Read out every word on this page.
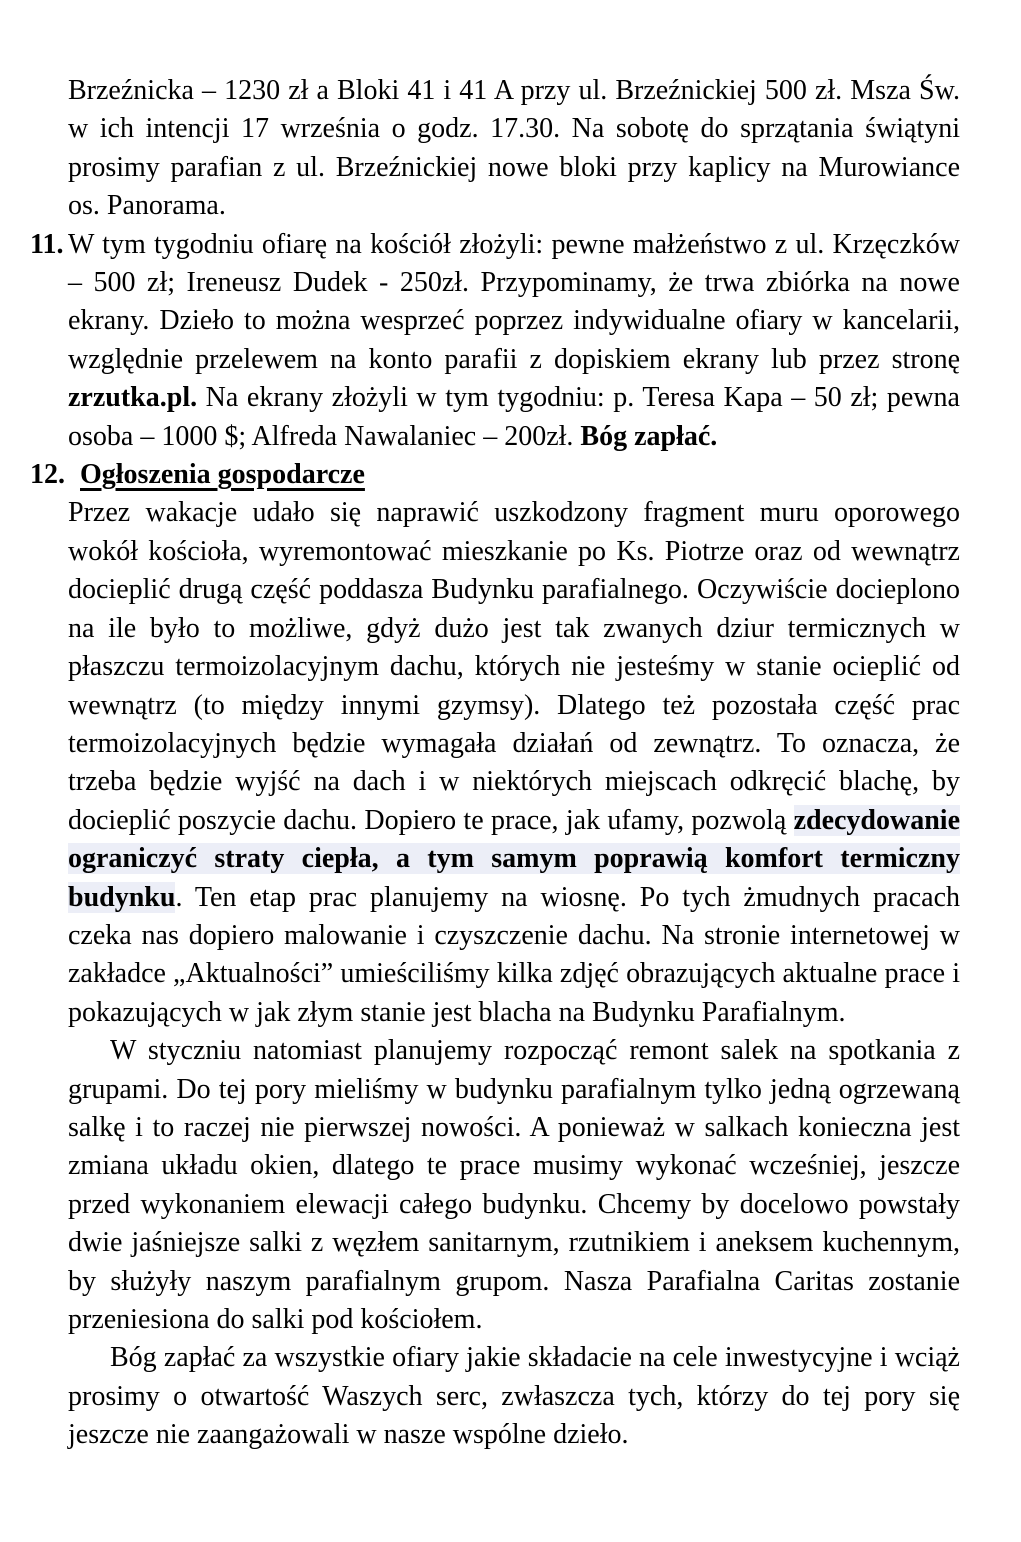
Brzeźnicka – 1230 zł a Bloki 41 i 41 A przy ul. Brzeźnickiej 500 zł. Msza Św. w ich intencji 17 września o godz. 17.30. Na sobotę do sprzątania świątyni prosimy parafian z ul. Brzeźnickiej nowe bloki przy kaplicy na Murowiance os. Panorama.
11. W tym tygodniu ofiarę na kościół złożyli: pewne małżeństwo z ul. Krzęczków – 500 zł; Ireneusz Dudek - 250zł. Przypominamy, że trwa zbiórka na nowe ekrany. Dzieło to można wesprzeć poprzez indywidualne ofiary w kancelarii, względnie przelewem na konto parafii z dopiskiem ekrany lub przez stronę zrzutka.pl. Na ekrany złożyli w tym tygodniu: p. Teresa Kapa – 50 zł; pewna osoba – 1000 $; Alfreda Nawalaniec – 200zł. Bóg zapłać.
12. Ogłoszenia gospodarcze
Przez wakacje udało się naprawić uszkodzony fragment muru oporowego wokół kościoła, wyremontować mieszkanie po Ks. Piotrze oraz od wewnątrz docieplić drugą część poddasza Budynku parafialnego. Oczywiście docieplono na ile było to możliwe, gdyż dużo jest tak zwanych dziur termicznych w płaszczu termoizolacyjnym dachu, których nie jesteśmy w stanie ocieplić od wewnątrz (to między innymi gzymsy). Dlatego też pozostała część prac termoizolacyjnych będzie wymagała działań od zewnątrz. To oznacza, że trzeba będzie wyjść na dach i w niektórych miejscach odkręcić blachę, by docieplić poszycie dachu. Dopiero te prace, jak ufamy, pozwolą zdecydowanie ograniczyć straty ciepła, a tym samym poprawią komfort termiczny budynku. Ten etap prac planujemy na wiosnę. Po tych żmudnych pracach czeka nas dopiero malowanie i czyszczenie dachu. Na stronie internetowej w zakładce „Aktualności” umieściliśmy kilka zdjęć obrazujących aktualne prace i pokazujących w jak złym stanie jest blacha na Budynku Parafialnym.
W styczniu natomiast planujemy rozpocząć remont salek na spotkania z grupami. Do tej pory mieliśmy w budynku parafialnym tylko jedną ogrzewaną salkę i to raczej nie pierwszej nowości. A ponieważ w salkach konieczna jest zmiana układu okien, dlatego te prace musimy wykonać wcześniej, jeszcze przed wykonaniem elewacji całego budynku. Chcemy by docelowo powstały dwie jaśniejsze salki z węzłem sanitarnym, rzutnikiem i aneksem kuchennym, by służyły naszym parafialnym grupom. Nasza Parafialna Caritas zostanie przeniesiona do salki pod kościołem.
Bóg zapłać za wszystkie ofiary jakie składacie na cele inwestycyjne i wciąż prosimy o otwartość Waszych serc, zwłaszcza tych, którzy do tej pory się jeszcze nie zaangażowali w nasze wspólne dzieło.
